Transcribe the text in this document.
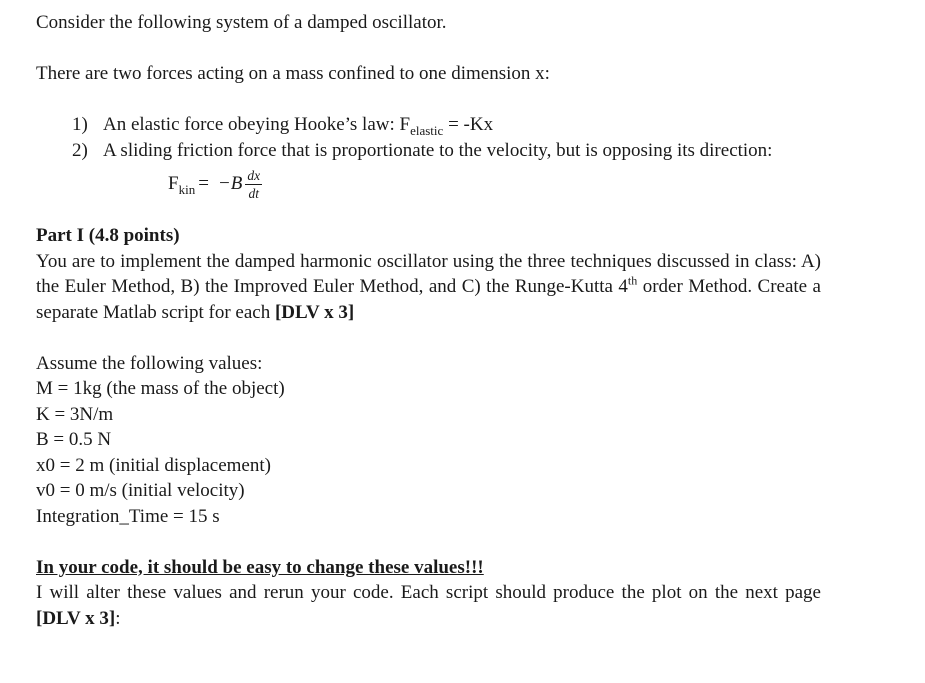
Consider the following system of a damped oscillator.

There are two forces acting on a mass confined to one dimension x:

1) An elastic force obeying Hooke’s law: $F_{elastic} = -Kx$
2) A sliding friction force that is proportionate to the velocity, but is opposing its direction:
$F_{kin} = -B \frac{dx}{dt}$

Part I (4.8 points)

You are to implement the damped harmonic oscillator using the three techniques discussed in class: A) the Euler Method, B) the Improved Euler Method, and C) the Runge-Kutta 4th order Method. Create a separate Matlab script for each [DLV x 3]

Assume the following values:
M = 1kg (the mass of the object)
K = 3N/m
B = 0.5 N
x0 = 2 m (initial displacement)
v0 = 0 m/s (initial velocity)
Integration_Time = 15 s

In your code, it should be easy to change these values!!!

I will alter these values and rerun your code. Each script should produce the plot on the next page [DLV x 3]:
